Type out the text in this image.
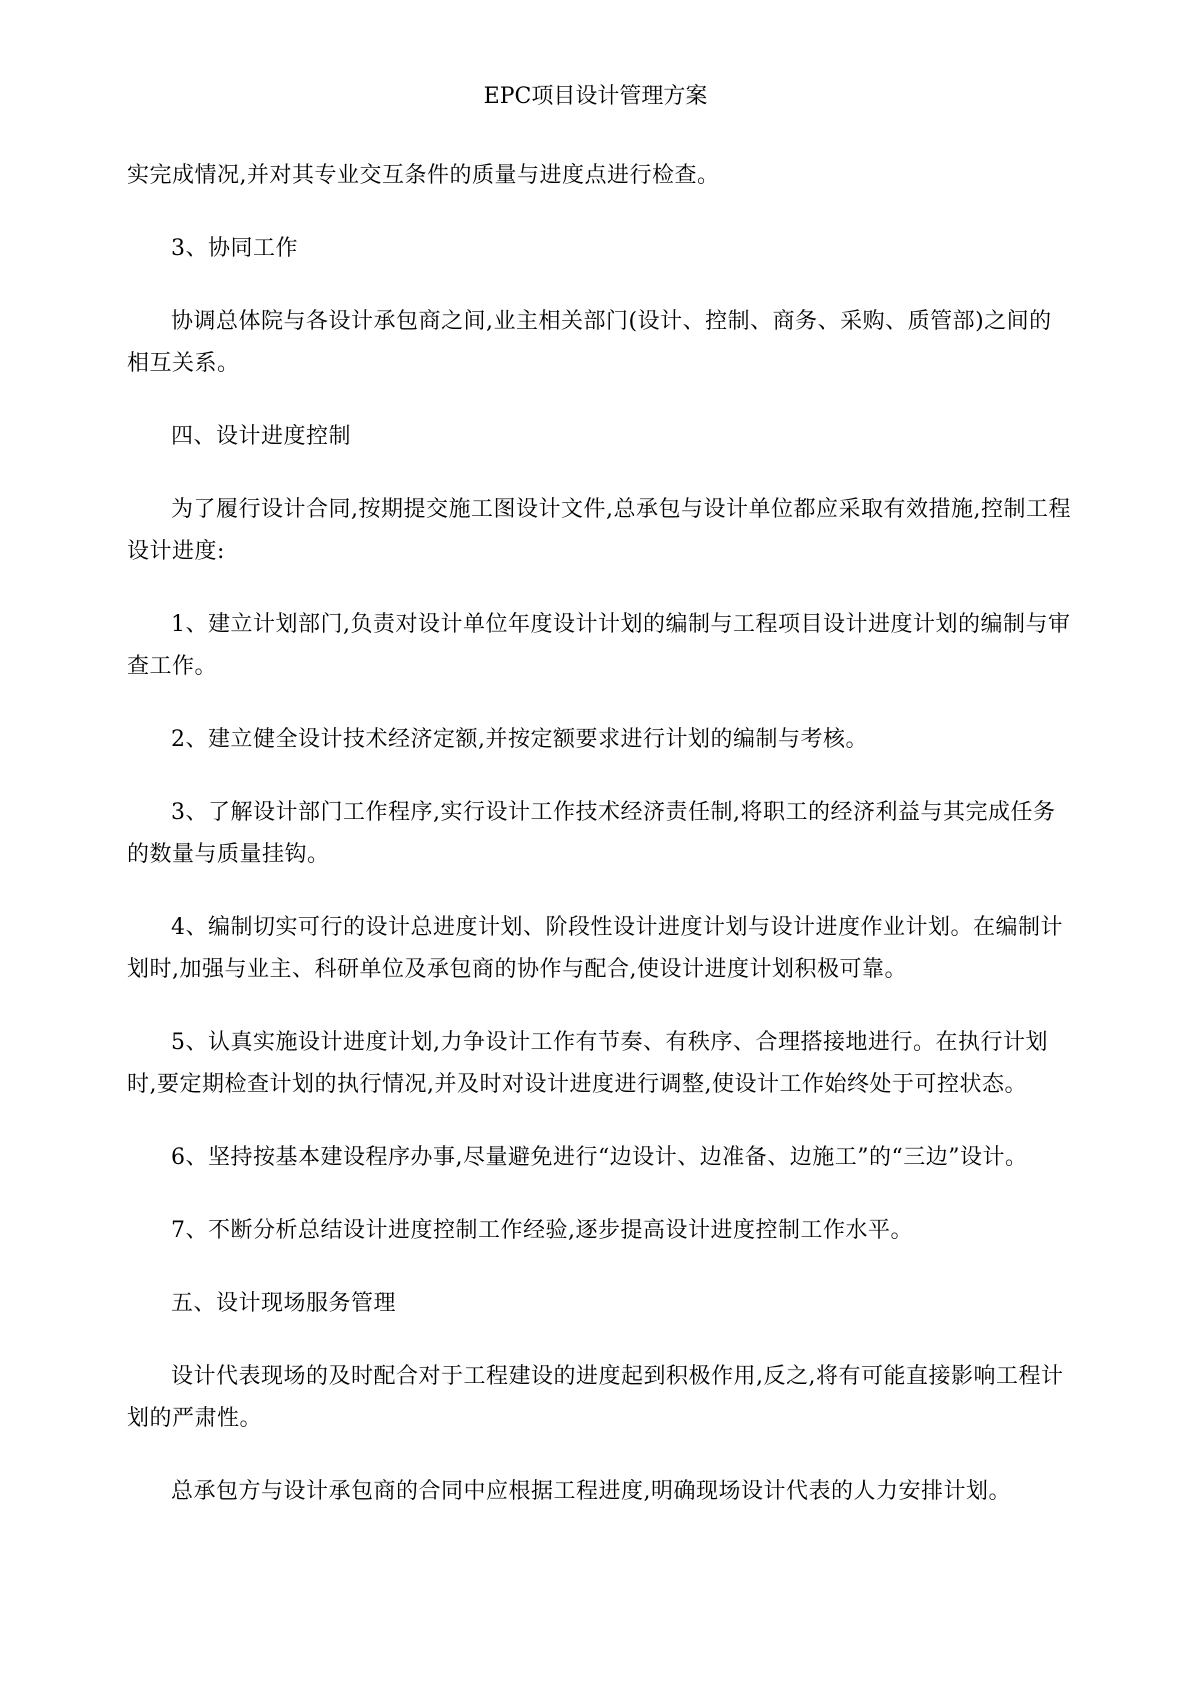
EPC项目设计管理方案

实完成情况,并对其专业交互条件的质量与进度点进行检查。

3、协同工作

协调总体院与各设计承包商之间,业主相关部门(设计、控制、商务、采购、质管部)之间的相互关系。

四、设计进度控制

为了履行设计合同,按期提交施工图设计文件,总承包与设计单位都应采取有效措施,控制工程设计进度:

1、建立计划部门,负责对设计单位年度设计计划的编制与工程项目设计进度计划的编制与审查工作。

2、建立健全设计技术经济定额,并按定额要求进行计划的编制与考核。

3、了解设计部门工作程序,实行设计工作技术经济责任制,将职工的经济利益与其完成任务的数量与质量挂钩。

4、编制切实可行的设计总进度计划、阶段性设计进度计划与设计进度作业计划。在编制计划时,加强与业主、科研单位及承包商的协作与配合,使设计进度计划积极可靠。

5、认真实施设计进度计划,力争设计工作有节奏、有秩序、合理搭接地进行。在执行计划时,要定期检查计划的执行情况,并及时对设计进度进行调整,使设计工作始终处于可控状态。

6、坚持按基本建设程序办事,尽量避免进行“边设计、边准备、边施工”的“三边”设计。

7、不断分析总结设计进度控制工作经验,逐步提高设计进度控制工作水平。

五、设计现场服务管理

设计代表现场的及时配合对于工程建设的进度起到积极作用,反之,将有可能直接影响工程计划的严肃性。

总承包方与设计承包商的合同中应根据工程进度,明确现场设计代表的人力安排计划。
